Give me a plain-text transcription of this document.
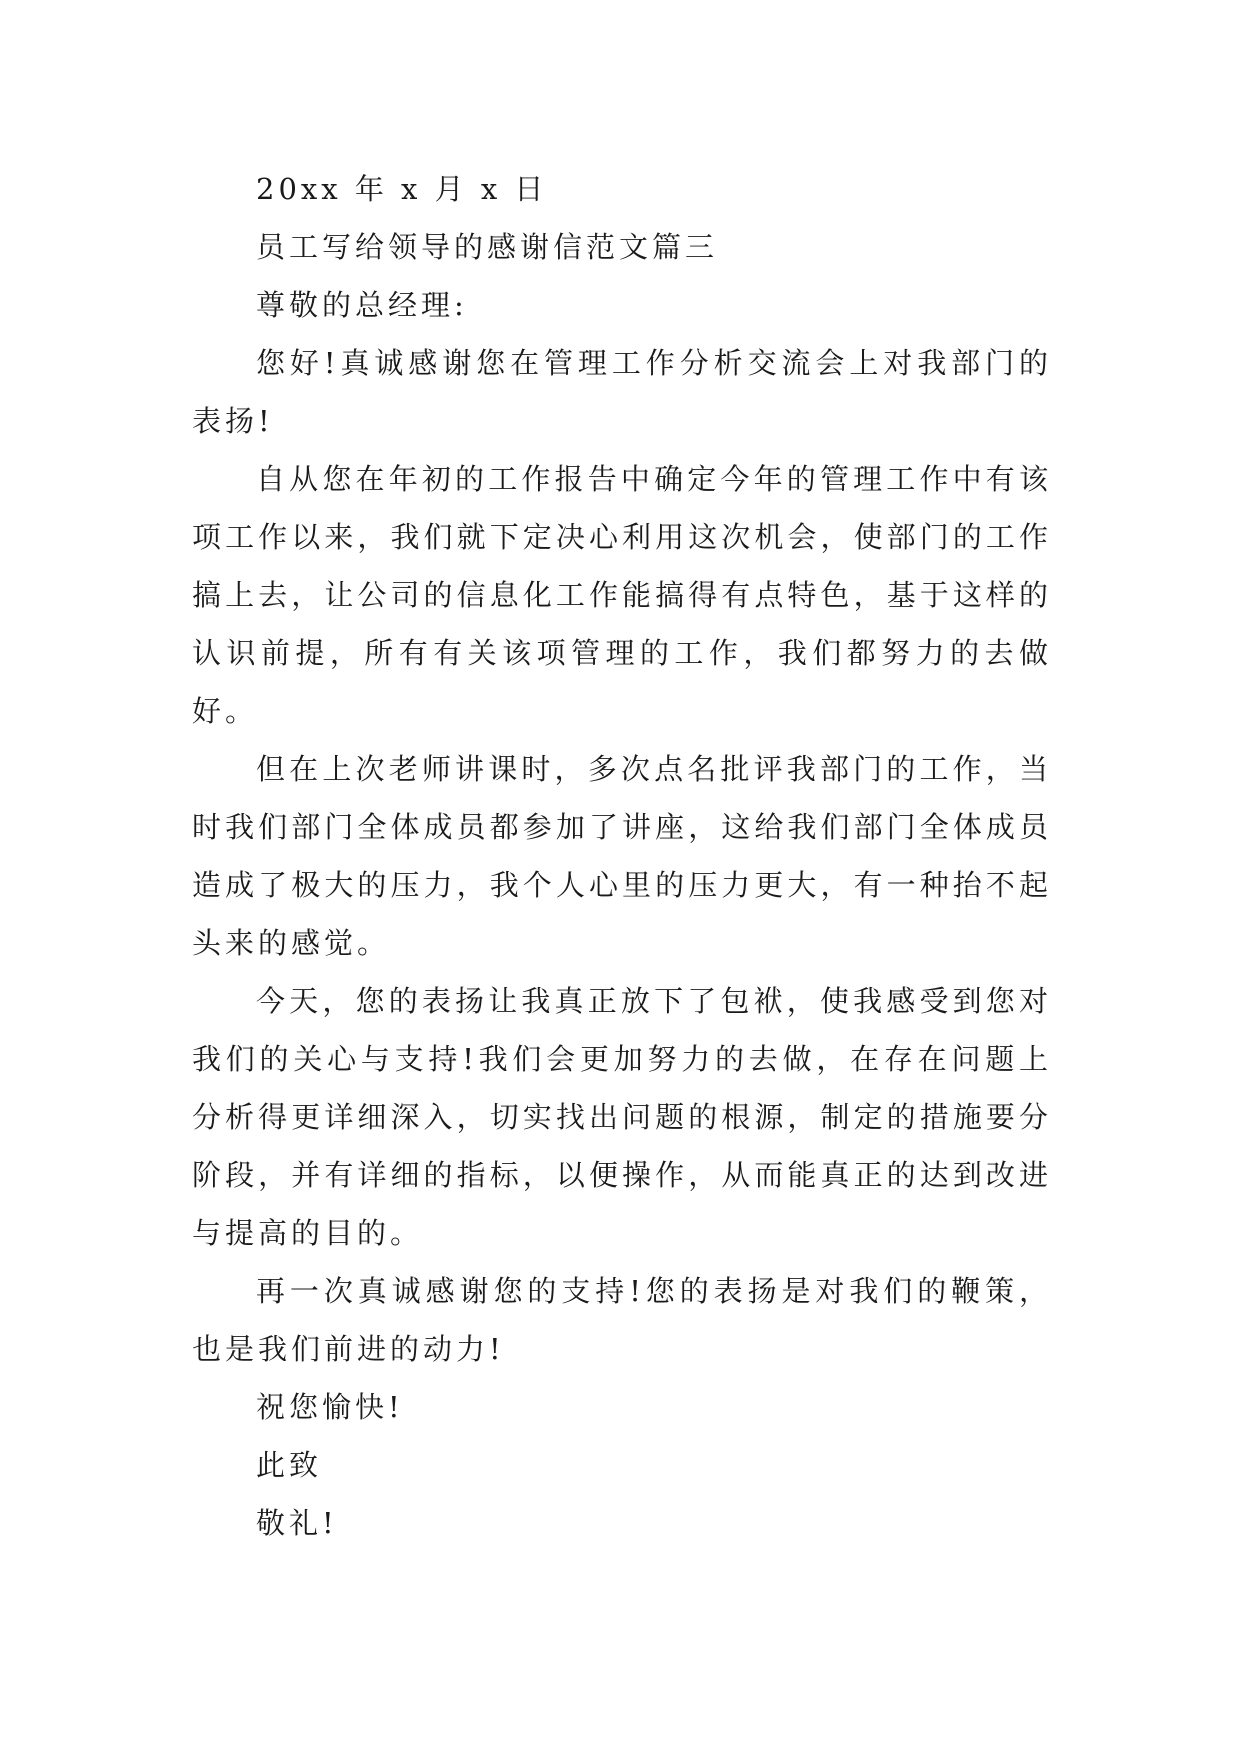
20xx 年 x 月 x 日

员工写给领导的感谢信范文篇三

尊敬的总经理:

您好!真诚感谢您在管理工作分析交流会上对我部门的表扬!

自从您在年初的工作报告中确定今年的管理工作中有该项工作以来，我们就下定决心利用这次机会，使部门的工作搞上去，让公司的信息化工作能搞得有点特色，基于这样的认识前提，所有有关该项管理的工作，我们都努力的去做好。

但在上次老师讲课时，多次点名批评我部门的工作，当时我们部门全体成员都参加了讲座，这给我们部门全体成员造成了极大的压力，我个人心里的压力更大，有一种抬不起头来的感觉。

今天，您的表扬让我真正放下了包袱，使我感受到您对我们的关心与支持!我们会更加努力的去做，在存在问题上分析得更详细深入，切实找出问题的根源，制定的措施要分阶段，并有详细的指标，以便操作，从而能真正的达到改进与提高的目的。

再一次真诚感谢您的支持!您的表扬是对我们的鞭策，也是我们前进的动力!

祝您愉快!

此致

敬礼!
